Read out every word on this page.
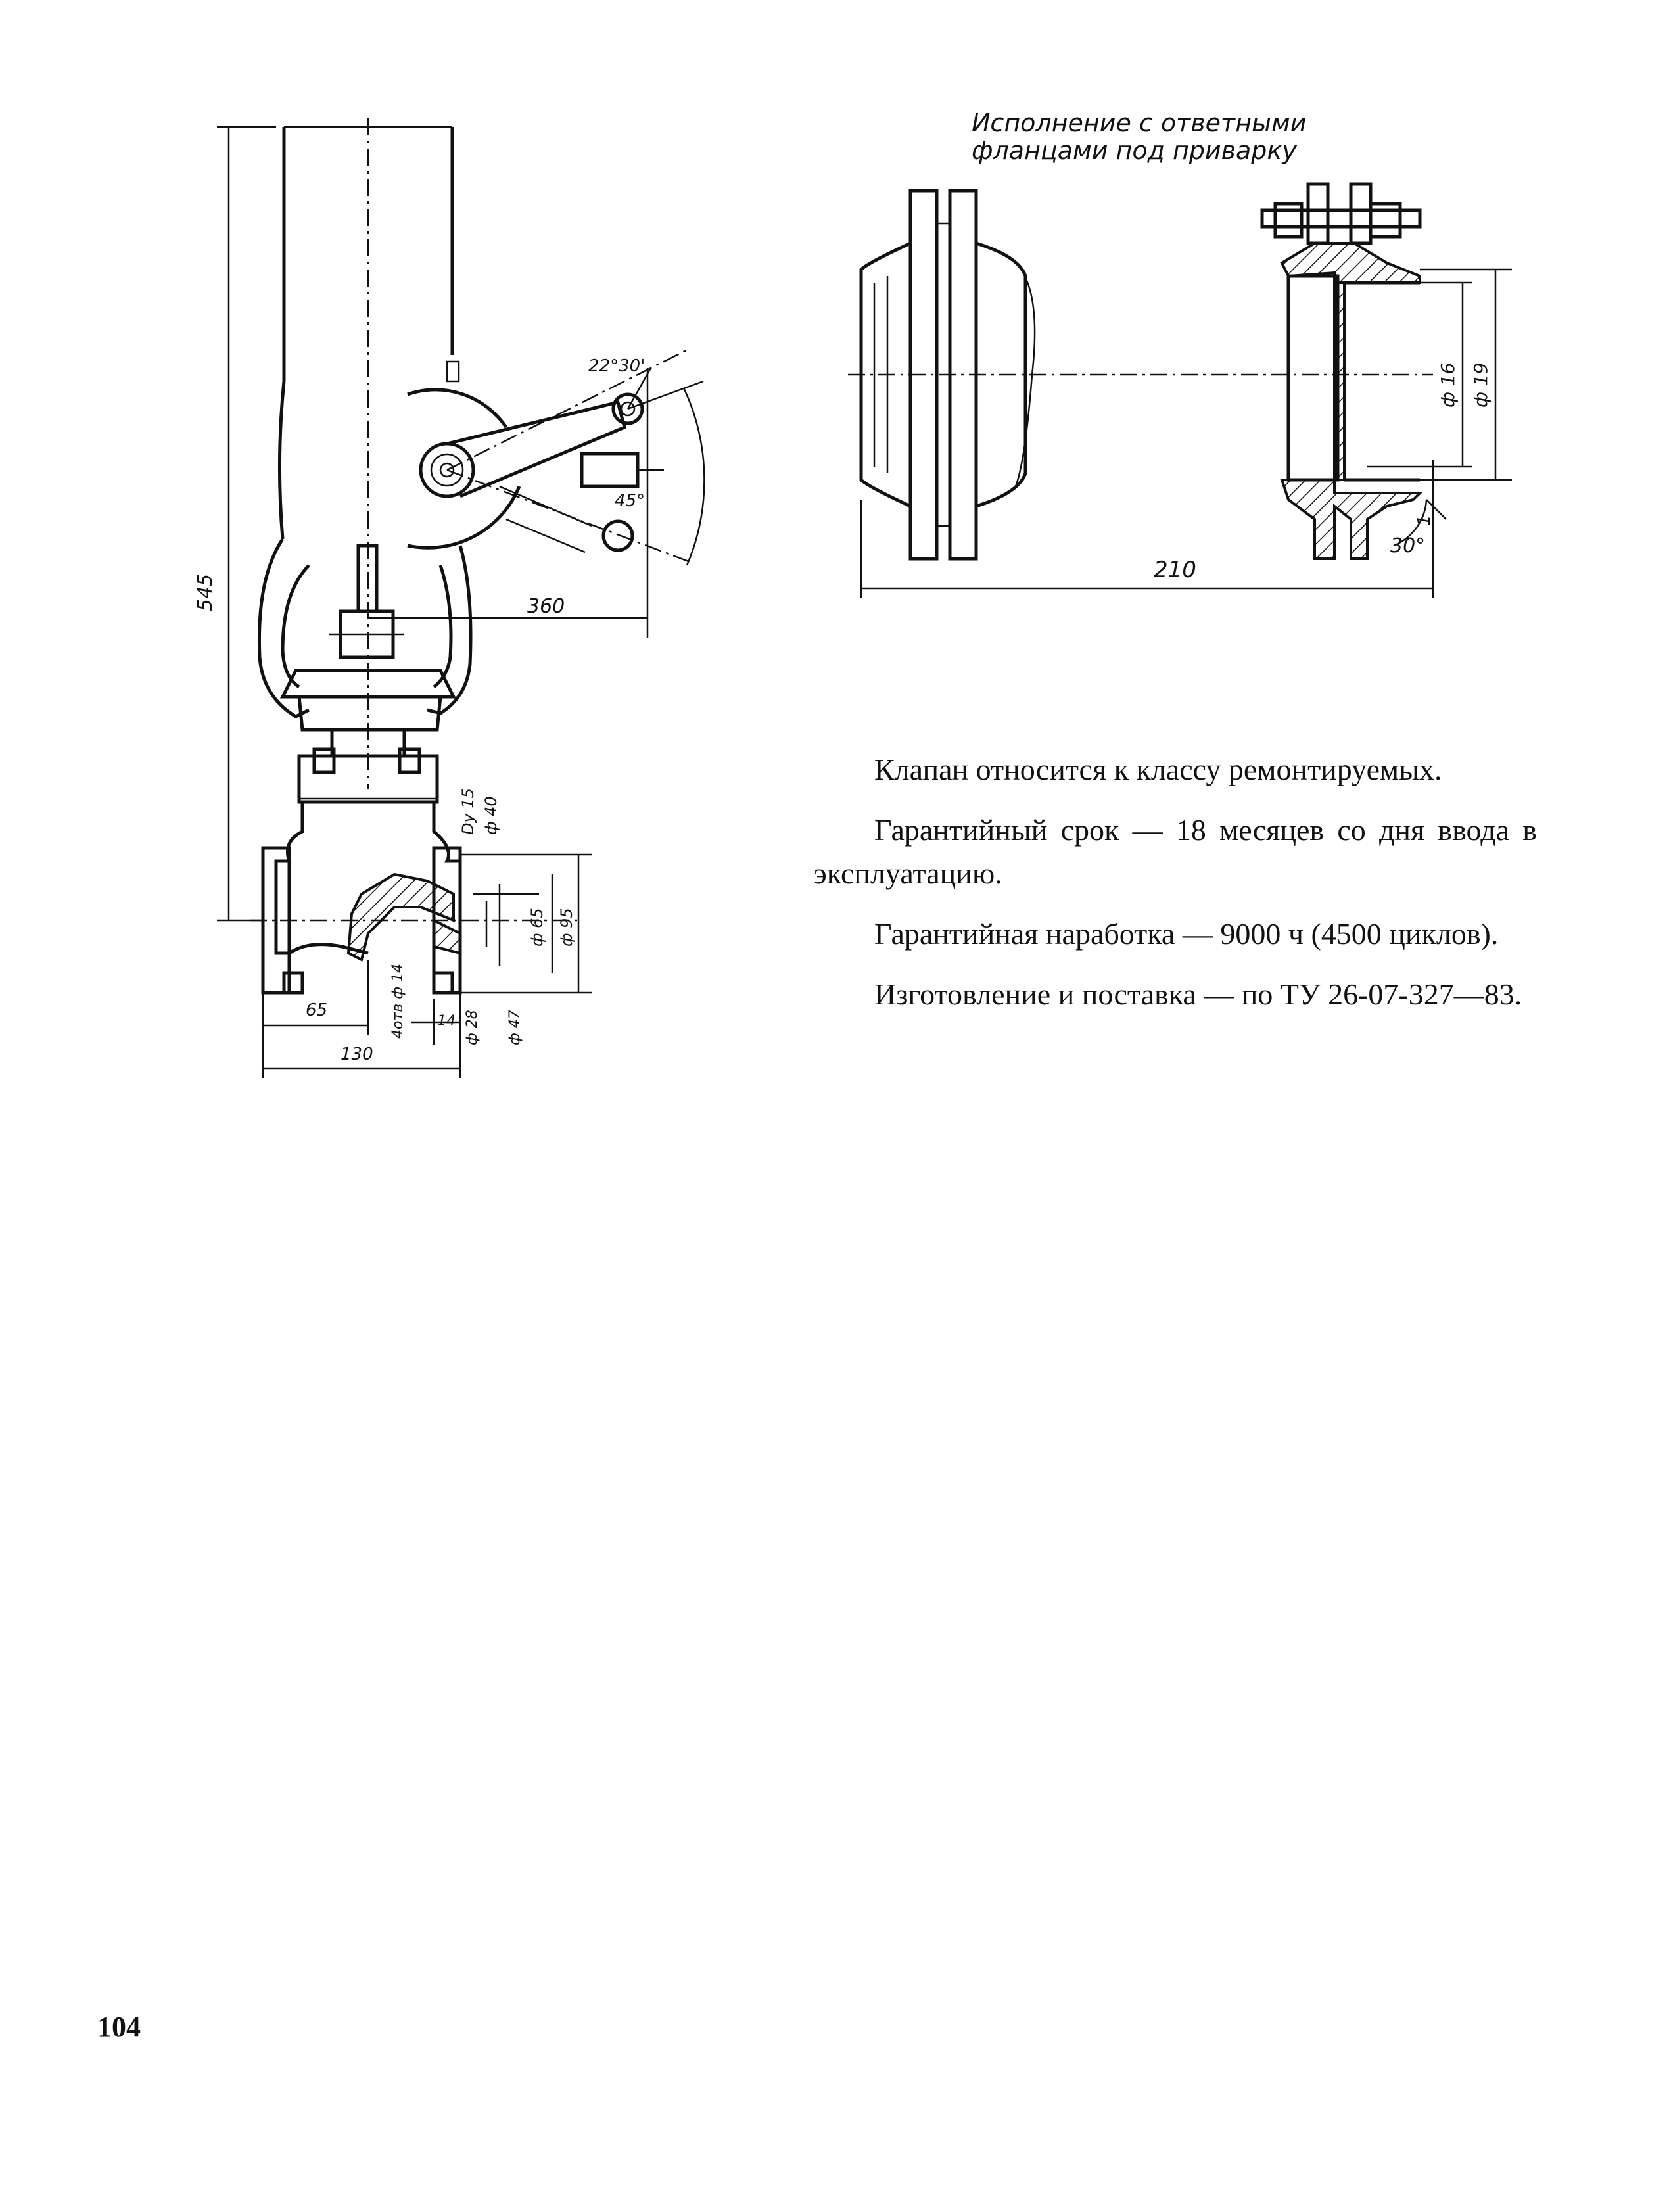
545	360
22°30'
45°
Dy 15 ф 40
ф 65 ф 95
4отв ф 14	ф 28 ф 47
14
65
130
Исполнение с ответными
фланцами под приварку
ф 16 ф 19
1
30°
210

Клапан относится к классу ремонтируемых.

Гарантийный срок — 18 месяцев со дня ввода в эксплуатацию.

Гарантийная наработка — 9000 ч (4500 циклов).

Изготовление и поставка — по ТУ 26-07-327—83.

104
